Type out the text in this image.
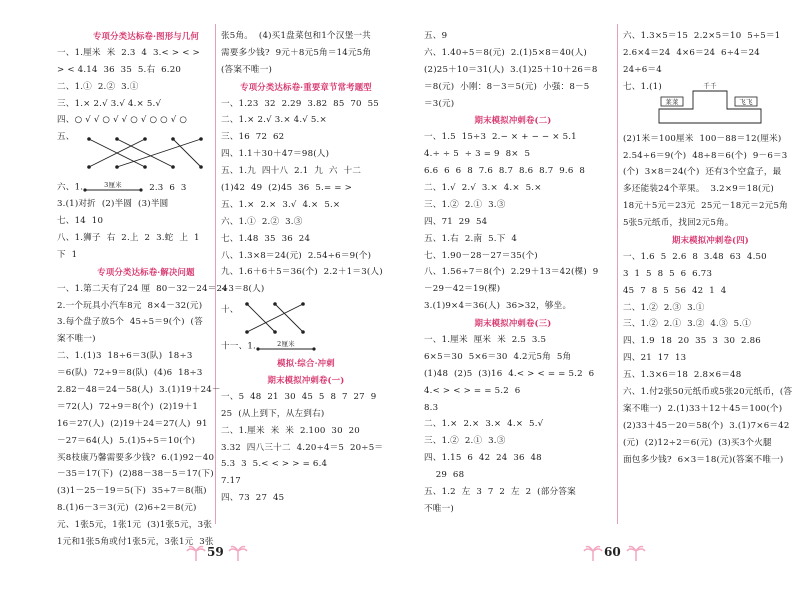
专项分类达标卷·图形与几何
一、1.厘米  米  2.3  4  3.< > < >
> < 4.14  36  35  5.右  6.20
二、1.①  2.②  3.①
三、1.× 2.√ 3.√ 4.× 5.√
四、○ √ √ ○ √ √ ○ √ ○ ○ √ ○
五、
六、1.	3厘米	2.3  6  3
3.(1)对折  (2)半圆  (3)半圆
七、14  10
八、1.狮子  右  2.上  2  3.蛇  上  1
下  1
专项分类达标卷·解决问题
一、1.第二天有了24 厘  80－32－24＝24
2.一个玩具小汽车8元  8×4－32(元)
3.每个盘子放5个  45÷5＝9(个)  (答
案不唯一)
二、1.(1)3  18÷6＝3(队)  18÷3
＝6(队)  72÷9＝8(队)  (4)6  18÷3
2.82－48＝24－58(人)  3.(1)19＋24－
＝72(人)  72÷9＝8(个)  (2)19＋1
16＝27(人)  (2)19＋24＝27(人)  91
－27＝64(人)  5.(1)5÷5＝10(个)
买8枝康乃馨需要多少钱?  6.(1)92－40
－35＝17(下)  (2)88－38－5＝17(下)
(3)1－25－19＝5(下)  35÷7＝8(瓶)
8.(1)6－3＝3(元)  (2)6÷2＝8(元)
元、1张5元，1张1元  (3)1张5元，3张
1元和1张5角或付1张5元，3张1元  3张
张5角。  (4)买1盘菜包和1个汉堡一共
需要多少钱?  9元＋8元5角＝14元5角
(答案不唯一)
专项分类达标卷·重要章节常考题型
一、1.23  32  2.29  3.82  85  70  55
二、1.× 2.√ 3.× 4.√ 5.×
三、16  72  62
四、1.1＋30＋47＝98(人)
五、1.九  四十八  2.1  九  六  十二
(1)42  49  (2)45  36  5.= = >
五、1.×  2.×  3.√  4.×  5.×
六、1.①  2.②  3.③
七、1.48  35  36  24
八、1.3×8＝24(元)  2.54÷6＝9(个)
九、1.6＋6＋5＝36(个)  2.2＋1＝3(人)
÷3＝8(人)
十、
十一、1.	2厘米
模拟·综合·冲刺
期末模拟冲刺卷(一)
一、5  48  21  30  45  5  8  7  27  9
25  (从上到下，从左到右)
二、1.厘米  米  米  2.100  30  20
3.32  四八三十二  4.20÷4＝5  20÷5＝
5.3  3  5.< < > > = 6.4
7.17
四、73  27  45
59
五、9
六、1.40÷5＝8(元)  2.(1)5×8＝40(人)
(2)25＋10＝31(人)  3.(1)25＋10＋26＝8
＝8(元)  小刚：8－3＝5(元)  小强：8－5
＝3(元)
期末模拟冲刺卷(二)
一、1.5  15÷3  2.− × + − − × 5.1
4.÷ ÷ 5  ÷ 3 = 9  8×  5
6.6  6  6  8  7.6  8.7  8.6  8.7  9.6  8
二、1.√  2.√  3.×  4.×  5.×
三、1.②  2.①  3.③
四、71  29  54
五、1.右  2.南  5.下  4
七、1.90－28－27＝35(个)
八、1.56÷7＝8(个)  2.29＋13＝42(棵)  9
－29－42＝19(棵)
3.(1)9×4＝36(人)  36>32，够坐。
期末模拟冲刺卷(三)
一、1.厘米  厘米  米  2.5  3.5
6×5＝30  5×6＝30  4.2元5角  5角
(1)48  (2)5  (3)16  4.< > < = = 5.2  6
4.< > < > = = 5.2  6
8.3
二、1.×  2.×  3.×  4.×  5.√
三、1.②  2.①  3.③
四、1.15  6  42  24  36  48
29  68
五、1.2  左  3  7  2  左  2  (部分答案
不唯一)
六、1.3×5＝15  2.2×5＝10  5÷5＝1
2.6×4＝24  4×6＝24  6÷4＝24
24÷6＝4
七、1.(1)	千千
莱莱	飞飞
(2)1米＝100厘米  100－88＝12(厘米)
2.54÷6＝9(个)  48÷8＝6(个)  9－6＝3
(个)  3×8＝24(个)  还有3个空盒子，最
多还能装24个苹果。  3.2×9＝18(元)
18元＋5元＝23元  25元－18元＝2元5角
5张5元纸币，找回2元5角。
期末模拟冲刺卷(四)
一、1.6  5  2.6  8  3.48  63  4.50
3  1  5  8  5  6  6.73
45  7  8  5  56  42  1  4
二、1.②  2.③  3.①
三、1.②  2.①  3.②  4.③  5.①
四、1.9  18  20  35  3  30  2.86
四、21  17  13
五、1.3×6＝18  2.8×6＝48
六、1.付2张50元纸币或5张20元纸币，(答
案不唯一)  2.(1)33＋12＋45＝100(个)
(2)33＋45－20＝58(个)  3.(1)7×6＝42
(元)  (2)12÷2＝6(元)  (3)买3个火腿
面包多少钱?  6×3＝18(元)(答案不唯一)
60
